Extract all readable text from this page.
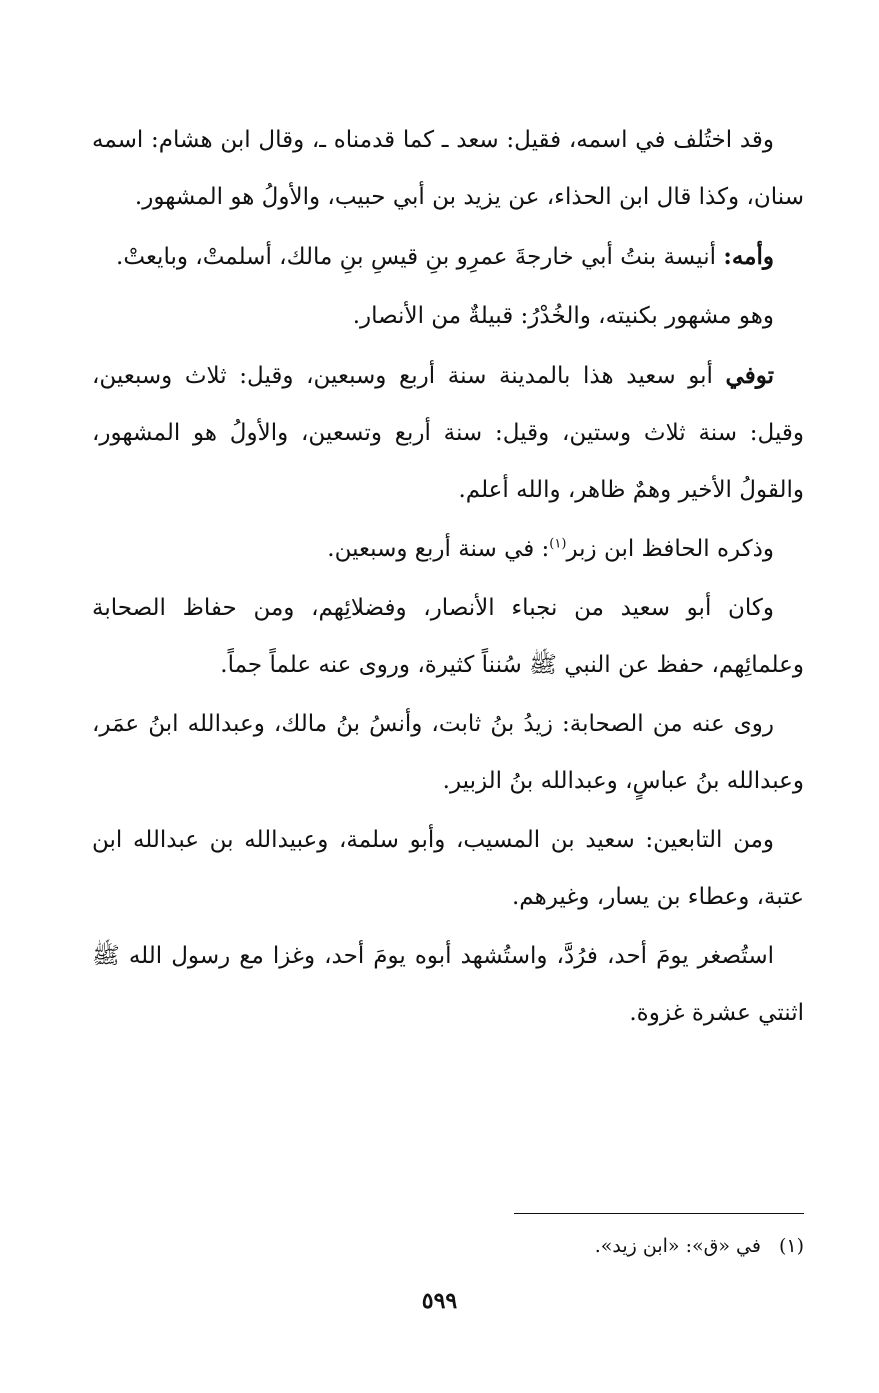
وقد اختُلف في اسمه، فقيل: سعد ـ كما قدمناه ـ، وقال ابن هشام: اسمه سنان، وكذا قال ابن الحذاء، عن يزيد بن أبي حبيب، والأولُ هو المشهور.

وأمه: أنيسة بنتُ أبي خارجةَ عمرِو بنِ قيسِ بنِ مالك، أسلمتْ، وبايعتْ.

وهو مشهور بكنيته، والخُدْرُ: قبيلةٌ من الأنصار.

توفي أبو سعيد هذا بالمدينة سنة أربع وسبعين، وقيل: ثلاث وسبعين، وقيل: سنة ثلاث وستين، وقيل: سنة أربع وتسعين، والأولُ هو المشهور، والقولُ الأخير وهمٌ ظاهر، والله أعلم.

وذكره الحافظ ابن زبر$^{(١)}$: في سنة أربع وسبعين.

وكان أبو سعيد من نجباء الأنصار، وفضلائِهم، ومن حفاظ الصحابة وعلمائِهم، حفظ عن النبي ﷺ سُنناً كثيرة، وروى عنه علماً جماً.

روى عنه من الصحابة: زيدُ بنُ ثابت، وأنسُ بنُ مالك، وعبدالله ابنُ عمَر، وعبدالله بنُ عباسٍ، وعبدالله بنُ الزبير.

ومن التابعين: سعيد بن المسيب، وأبو سلمة، وعبيدالله بن عبدالله ابن عتبة، وعطاء بن يسار، وغيرهم.

استُصغر يومَ أحد، فرُدَّ، واستُشهد أبوه يومَ أحد، وغزا مع رسول الله ﷺ اثنتي عشرة غزوة.

(١)في «ق»: «ابن زيد».
٥٩٩
